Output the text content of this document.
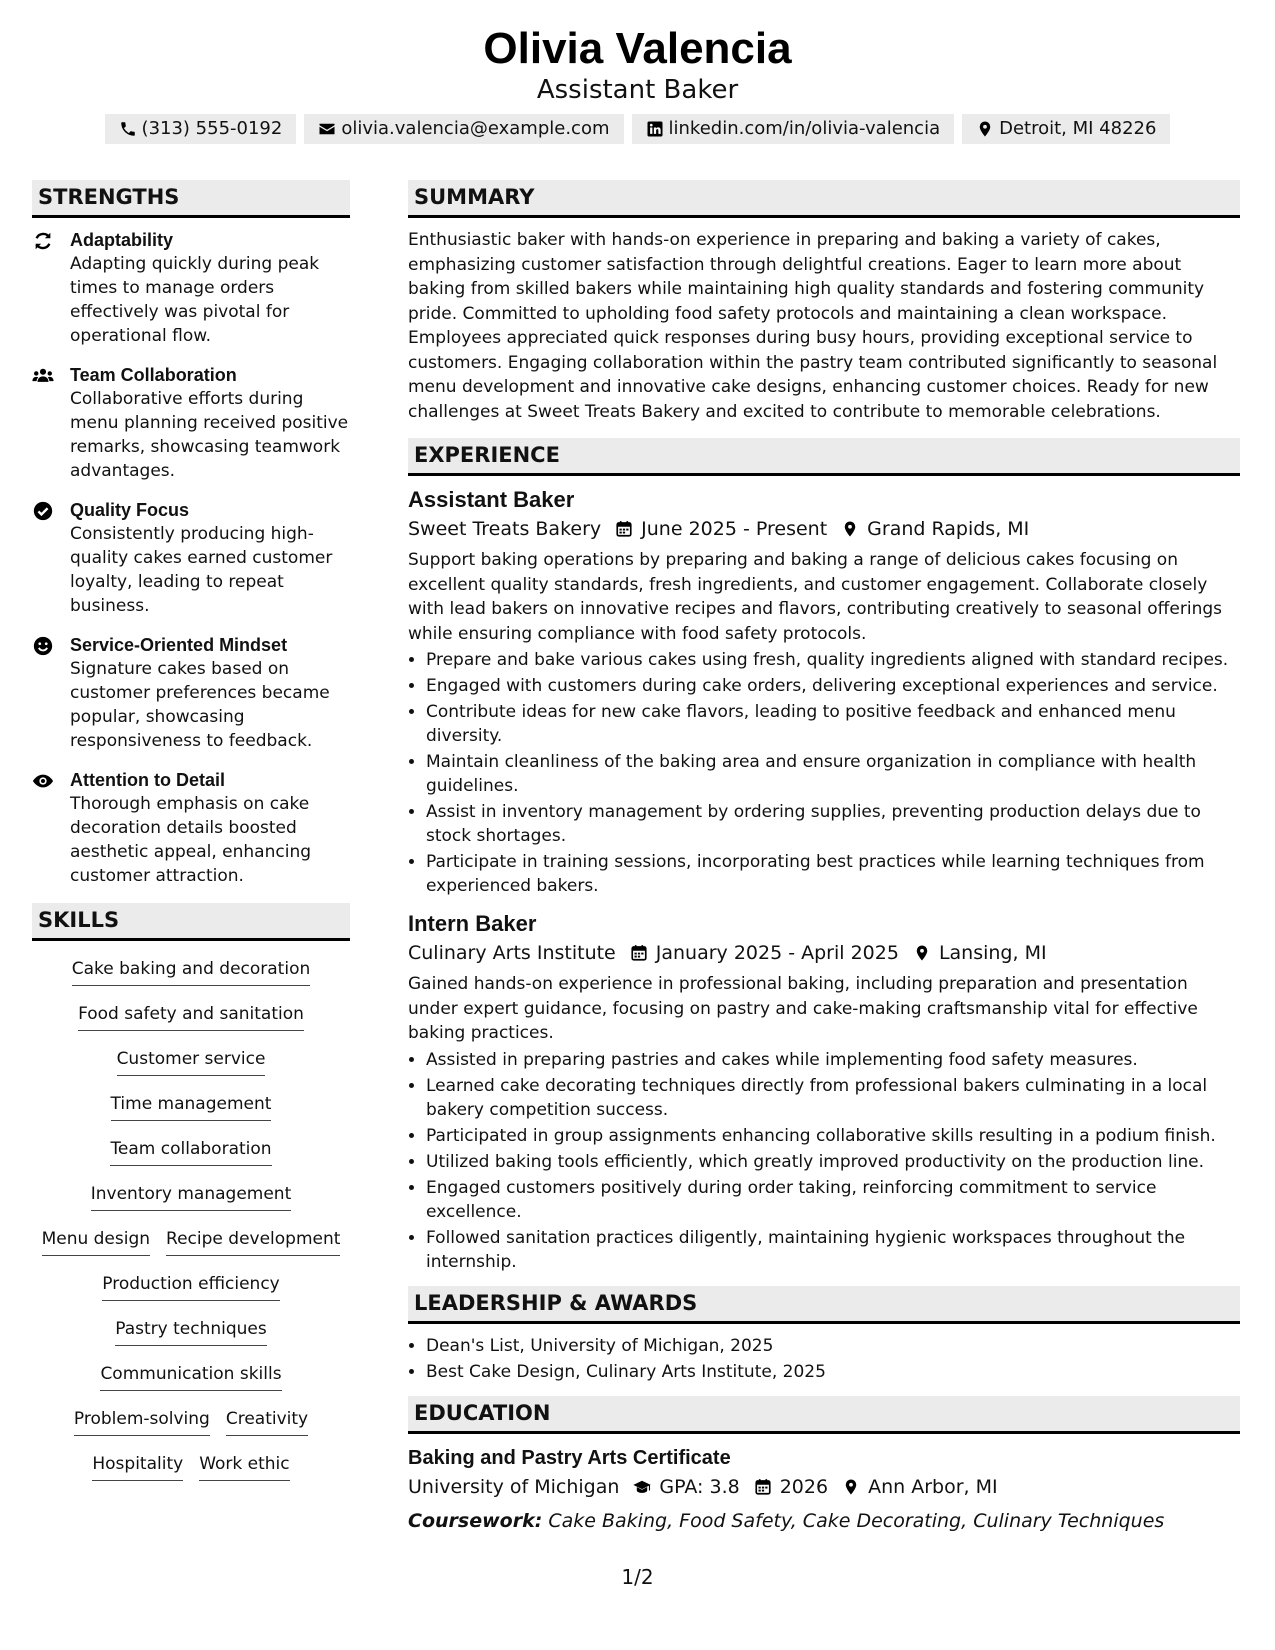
Olivia Valencia
Assistant Baker
(313) 555-0192	olivia.valencia@example.com	linkedin.com/in/olivia-valencia	Detroit, MI 48226
STRENGTHS
Adaptability
Adapting quickly during peak times to manage orders effectively was pivotal for operational flow.
Team Collaboration
Collaborative efforts during menu planning received positive remarks, showcasing teamwork advantages.
Quality Focus
Consistently producing high-quality cakes earned customer loyalty, leading to repeat business.
Service-Oriented Mindset
Signature cakes based on customer preferences became popular, showcasing responsiveness to feedback.
Attention to Detail
Thorough emphasis on cake decoration details boosted aesthetic appeal, enhancing customer attraction.
SKILLS
Cake baking and decoration
Food safety and sanitation
Customer service
Time management
Team collaboration
Inventory management
Menu design Recipe development
Production efficiency
Pastry techniques
Communication skills
Problem-solving Creativity
Hospitality Work ethic
SUMMARY
Enthusiastic baker with hands-on experience in preparing and baking a variety of cakes, emphasizing customer satisfaction through delightful creations. Eager to learn more about baking from skilled bakers while maintaining high quality standards and fostering community pride. Committed to upholding food safety protocols and maintaining a clean workspace. Employees appreciated quick responses during busy hours, providing exceptional service to customers. Engaging collaboration within the pastry team contributed significantly to seasonal menu development and innovative cake designs, enhancing customer choices. Ready for new challenges at Sweet Treats Bakery and excited to contribute to memorable celebrations.
EXPERIENCE
Assistant Baker
Sweet Treats Bakery June 2025 - Present Grand Rapids, MI
Support baking operations by preparing and baking a range of delicious cakes focusing on excellent quality standards, fresh ingredients, and customer engagement. Collaborate closely with lead bakers on innovative recipes and flavors, contributing creatively to seasonal offerings while ensuring compliance with food safety protocols.
• Prepare and bake various cakes using fresh, quality ingredients aligned with standard recipes.
• Engaged with customers during cake orders, delivering exceptional experiences and service.
• Contribute ideas for new cake flavors, leading to positive feedback and enhanced menu diversity.
• Maintain cleanliness of the baking area and ensure organization in compliance with health guidelines.
• Assist in inventory management by ordering supplies, preventing production delays due to stock shortages.
• Participate in training sessions, incorporating best practices while learning techniques from experienced bakers.
Intern Baker
Culinary Arts Institute January 2025 - April 2025 Lansing, MI
Gained hands-on experience in professional baking, including preparation and presentation under expert guidance, focusing on pastry and cake-making craftsmanship vital for effective baking practices.
• Assisted in preparing pastries and cakes while implementing food safety measures.
• Learned cake decorating techniques directly from professional bakers culminating in a local bakery competition success.
• Participated in group assignments enhancing collaborative skills resulting in a podium finish.
• Utilized baking tools efficiently, which greatly improved productivity on the production line.
• Engaged customers positively during order taking, reinforcing commitment to service excellence.
• Followed sanitation practices diligently, maintaining hygienic workspaces throughout the internship.
LEADERSHIP & AWARDS
• Dean's List, University of Michigan, 2025
• Best Cake Design, Culinary Arts Institute, 2025
EDUCATION
Baking and Pastry Arts Certificate
University of Michigan GPA: 3.8 2026 Ann Arbor, MI
Coursework: Cake Baking, Food Safety, Cake Decorating, Culinary Techniques
1/2
